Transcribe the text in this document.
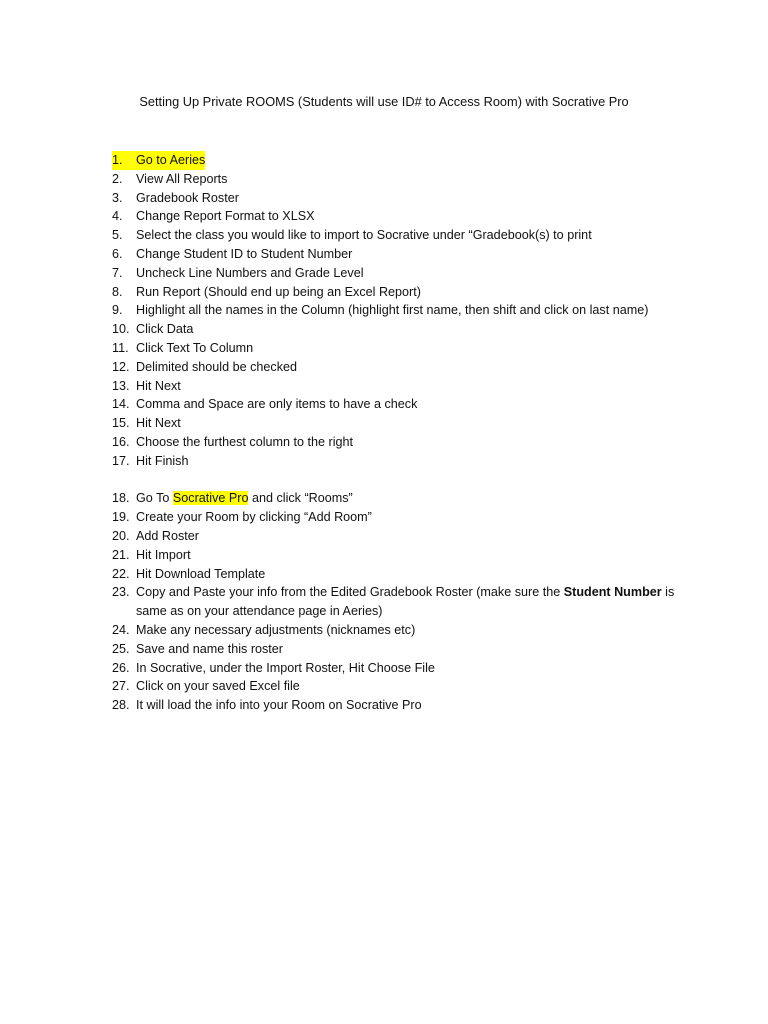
Setting Up Private ROOMS (Students will use ID# to Access Room) with Socrative Pro
1.	Go to Aeries
2.	View All Reports
3.	Gradebook Roster
4.	Change Report Format to XLSX
5.	Select the class you would like to import to Socrative under “Gradebook(s) to print
6.	Change Student ID to Student Number
7.	Uncheck Line Numbers and Grade Level
8.	Run Report (Should end up being an Excel Report)
9.	Highlight all the names in the Column (highlight first name, then shift and click on last name)
10. Click Data
11. Click Text To Column
12. Delimited should be checked
13. Hit Next
14. Comma and Space are only items to have a check
15. Hit Next
16. Choose the furthest column to the right
17. Hit Finish
18. Go To Socrative Pro and click “Rooms”
19. Create your Room by clicking “Add Room”
20. Add Roster
21. Hit Import
22. Hit Download Template
23. Copy and Paste your info from the Edited Gradebook Roster (make sure the Student Number is same as on your attendance page in Aeries)
24. Make any necessary adjustments (nicknames etc)
25. Save and name this roster
26. In Socrative, under the Import Roster, Hit Choose File
27. Click on your saved Excel file
28. It will load the info into your Room on Socrative Pro
